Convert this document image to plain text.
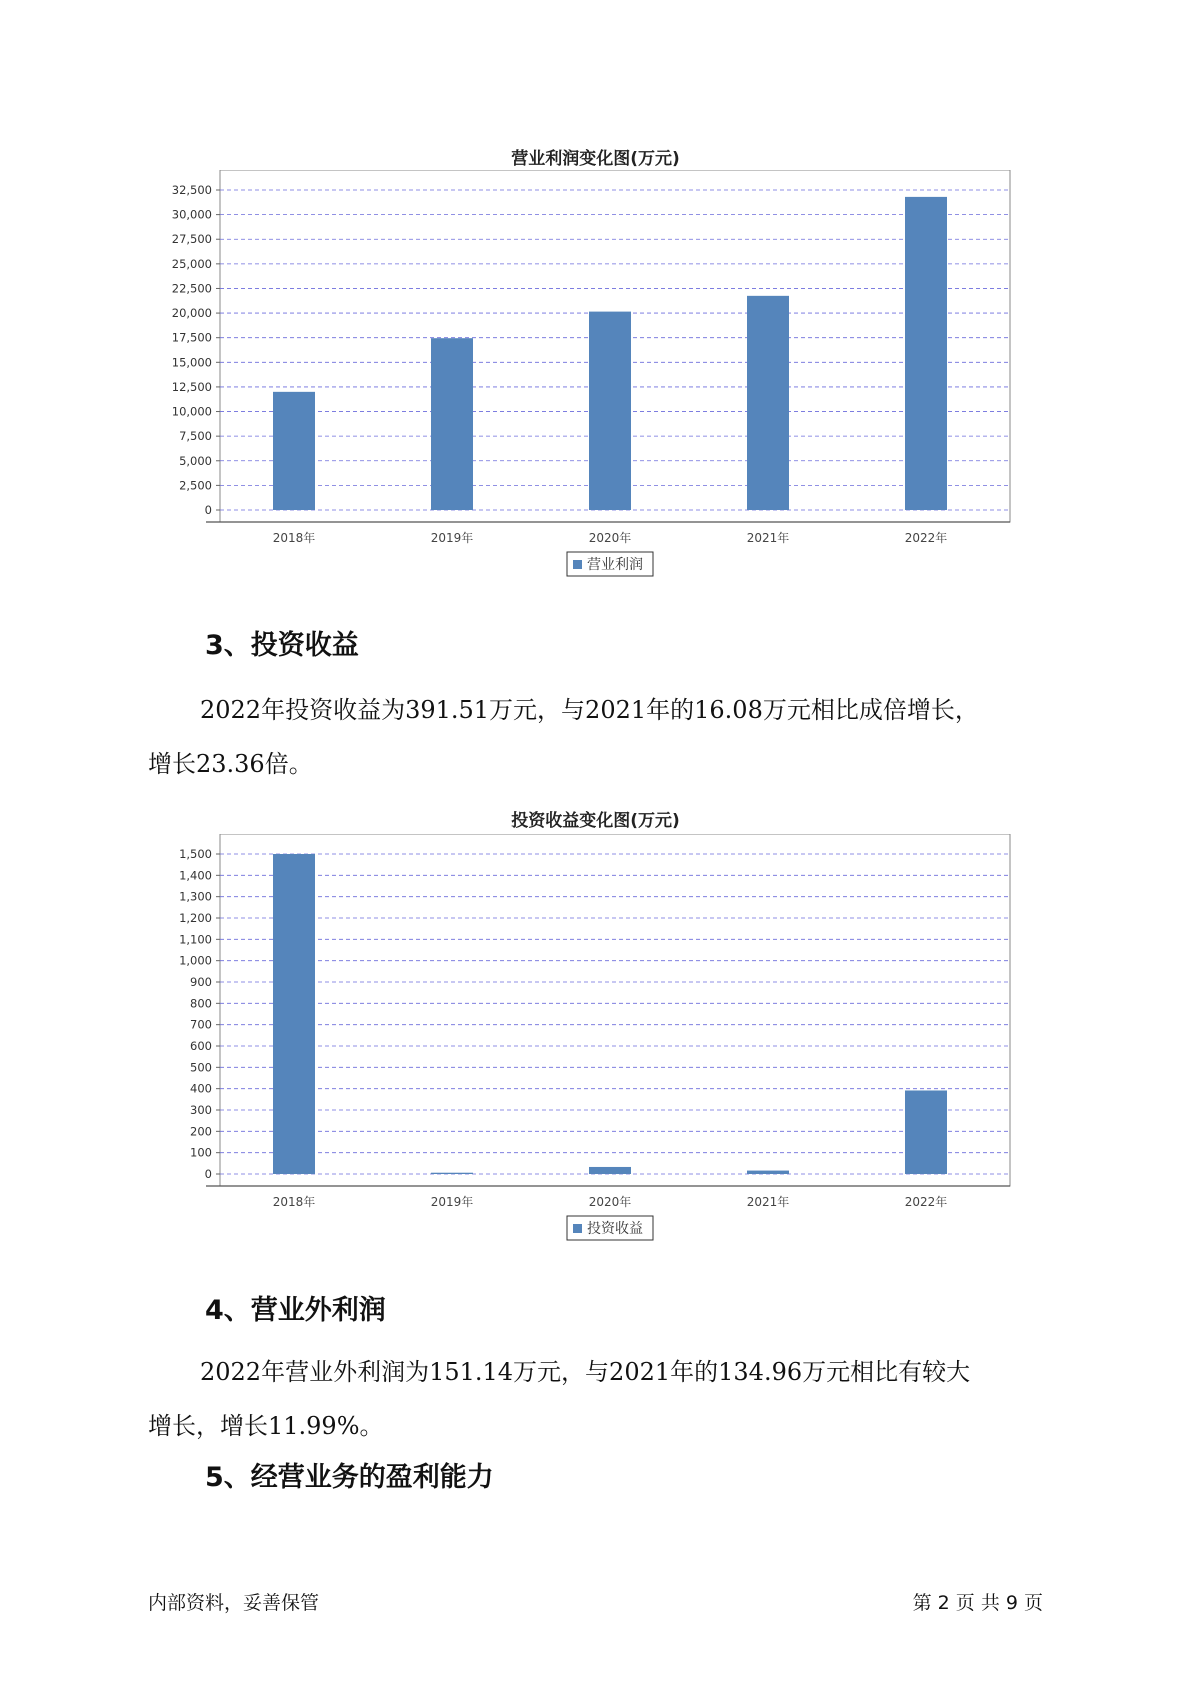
营业利润变化图(万元)
0
2,500
5,000
7,500
10,000
12,500
15,000
17,500
20,000
22,500
25,000
27,500
30,000
32,500
2018年	2019年	2020年	2021年	2022年
营业利润
3、投资收益
2022年投资收益为391.51万元，与2021年的16.08万元相比成倍增长，
增长23.36倍。
投资收益变化图(万元)
0
100
200
300
400
500
600
700
800
900
1,000
1,100
1,200
1,300
1,400
1,500
2018年	2019年	2020年	2021年	2022年
投资收益
4、营业外利润
2022年营业外利润为151.14万元，与2021年的134.96万元相比有较大
增长，增长11.99%。
5、经营业务的盈利能力
内部资料，妥善保管	第 2 页 共 9 页
